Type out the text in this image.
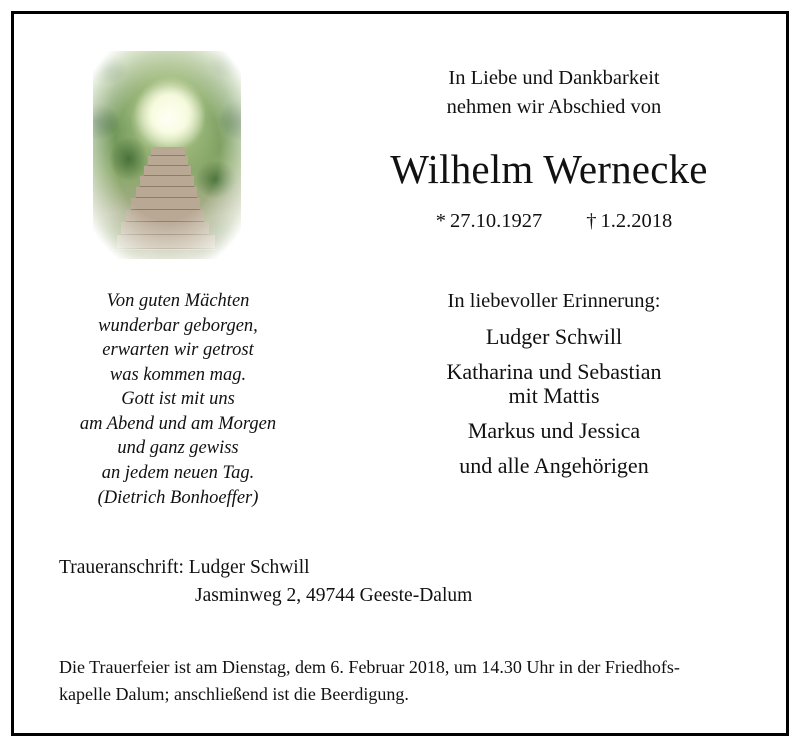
In Liebe und Dankbarkeit
nehmen wir Abschied von
Wilhelm Wernecke
* 27.10.1927 † 1.2.2018
Von guten Mächten
wunderbar geborgen,
erwarten wir getrost
was kommen mag.
Gott ist mit uns
am Abend und am Morgen
und ganz gewiss
an jedem neuen Tag.
(Dietrich Bonhoeffer)
In liebevoller Erinnerung:
Ludger Schwill
Katharina und Sebastian
mit Mattis
Markus und Jessica
und alle Angehörigen
Traueranschrift: Ludger Schwill
Jasminweg 2, 49744 Geeste-Dalum
Die Trauerfeier ist am Dienstag, dem 6. Februar 2018, um 14.30 Uhr in der Friedhofs-
kapelle Dalum; anschließend ist die Beerdigung.
